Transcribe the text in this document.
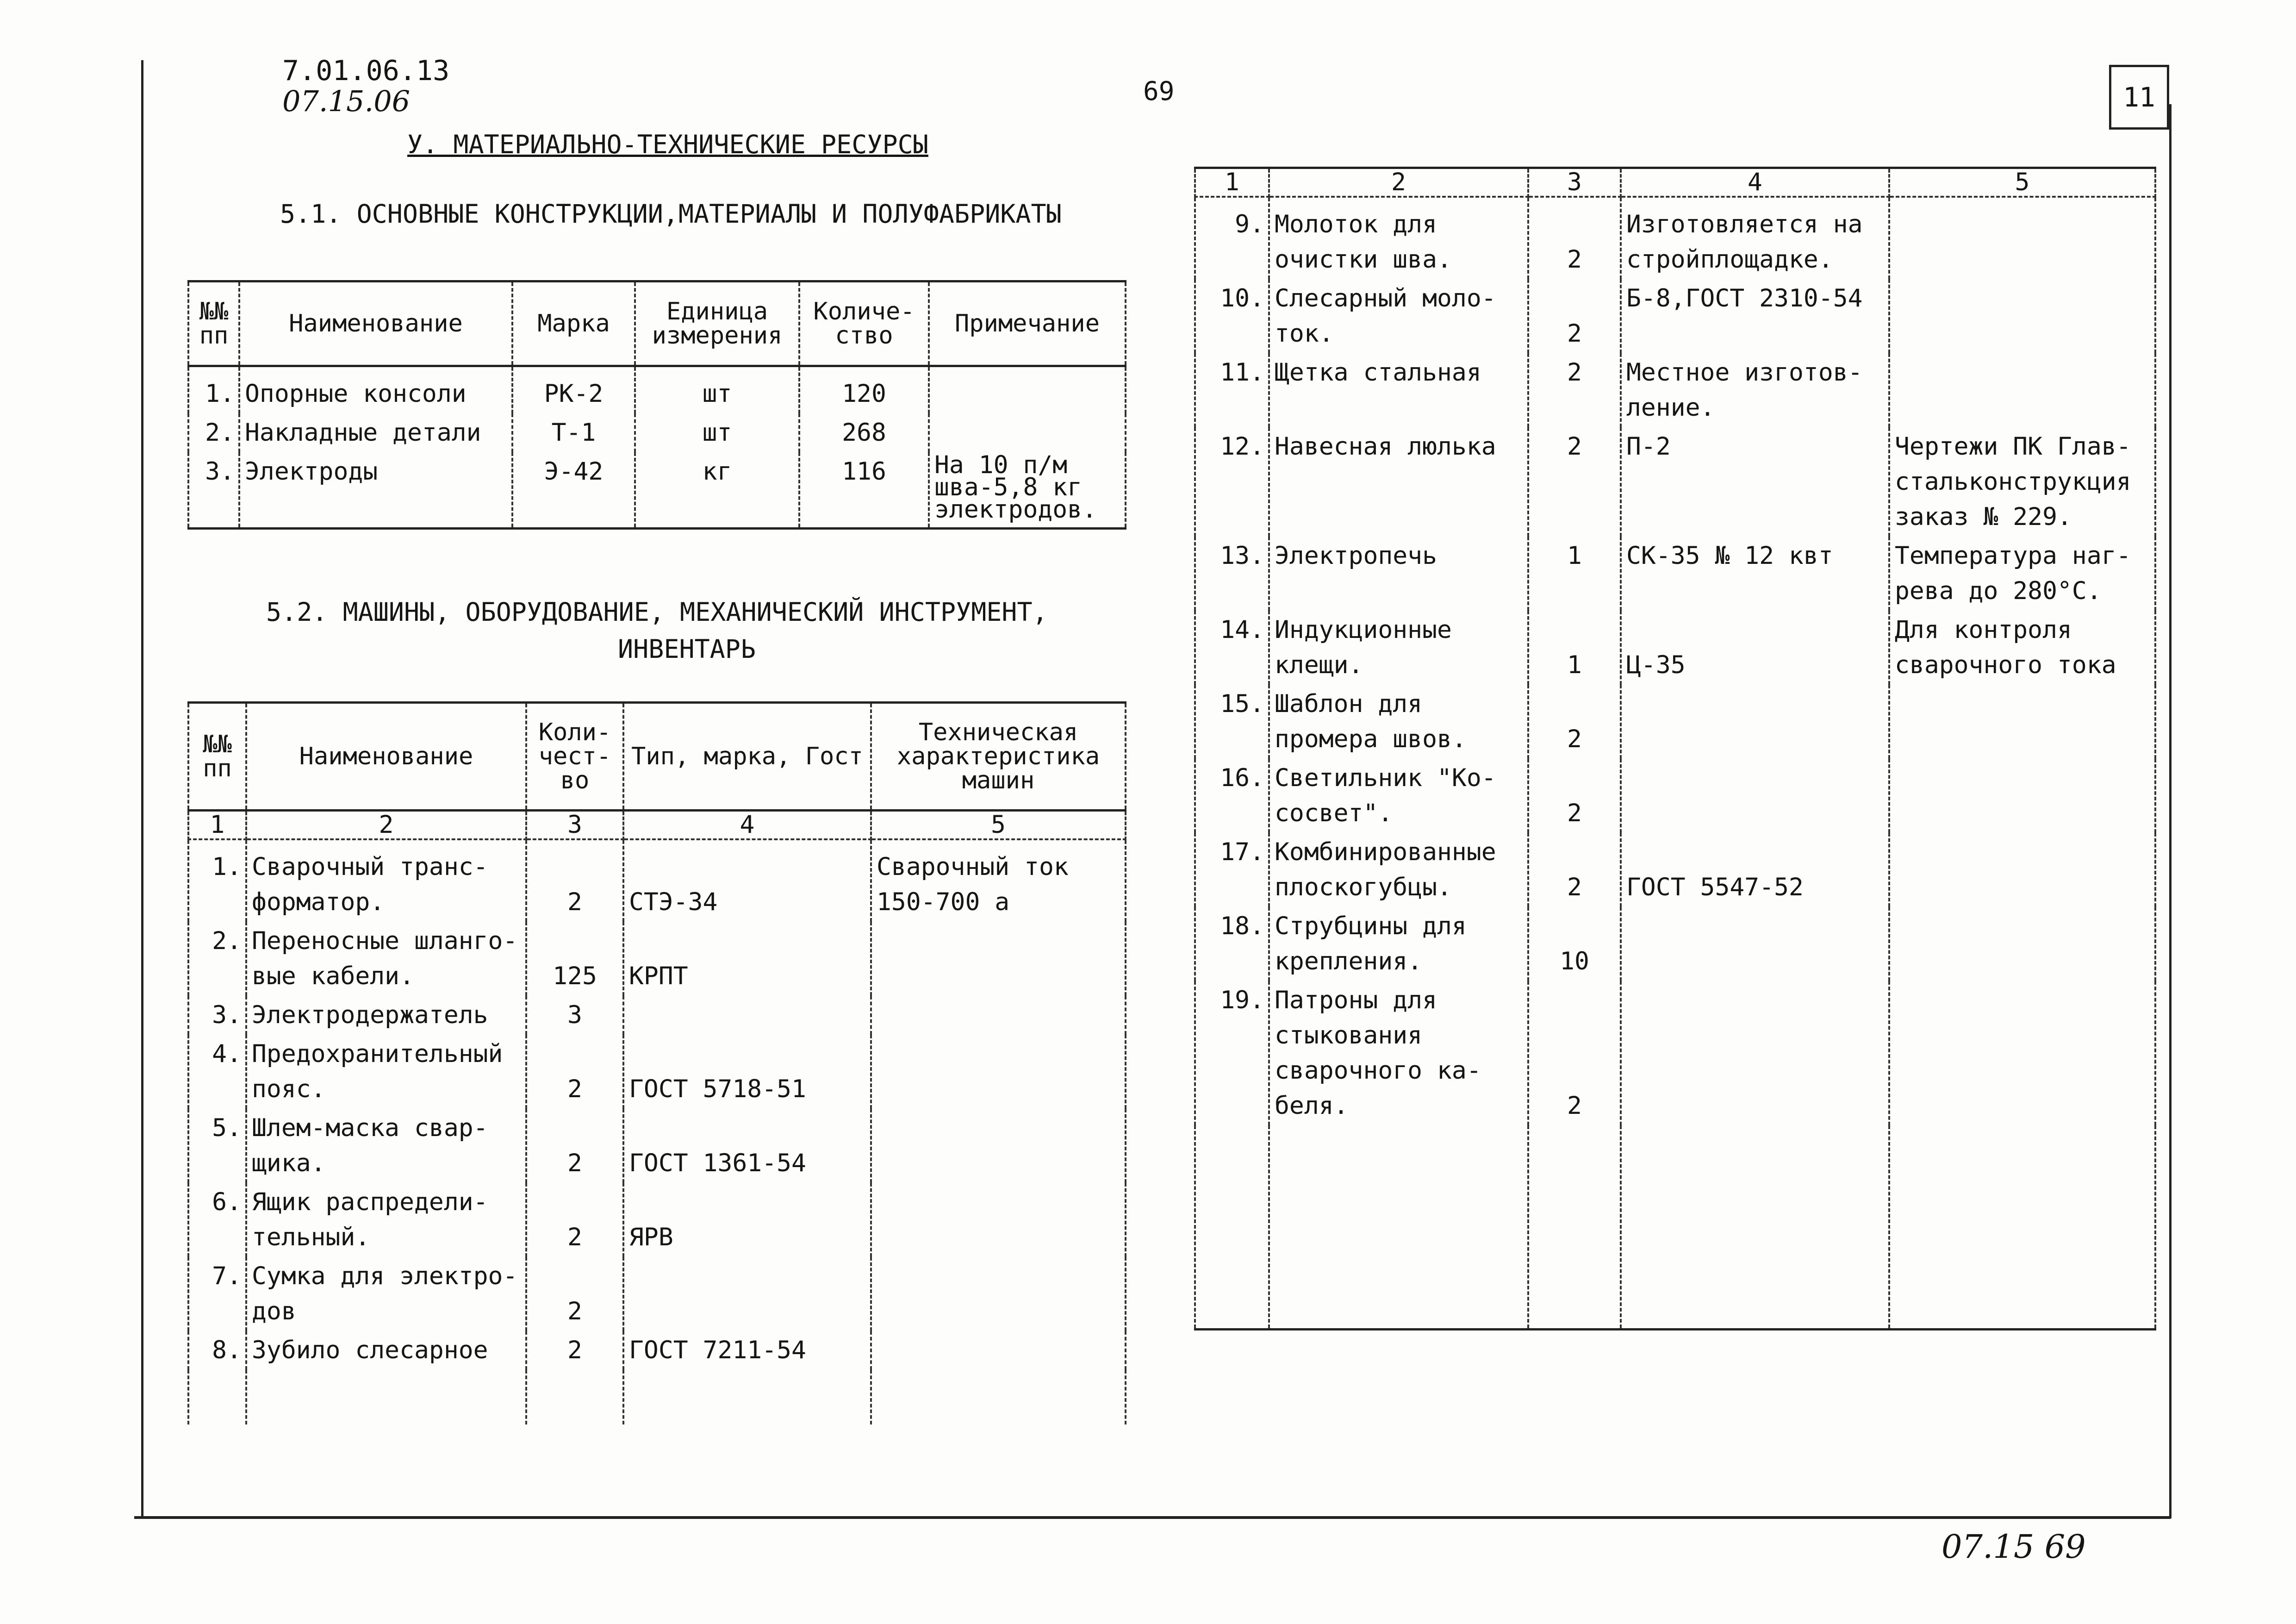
11
7.01.06.13
07.15.06	69
07.15 69
У. МАТЕРИАЛЬНО-ТЕХНИЧЕСКИЕ РЕСУРСЫ
5.1. ОСНОВНЫЕ КОНСТРУКЦИИ,МАТЕРИАЛЫ И ПОЛУФАБРИКАТЫ
5.2. МАШИНЫ, ОБОРУДОВАНИЕ, МЕХАНИЧЕСКИЙ ИНСТРУМЕНТ,
ИНВЕНТАРЬ
№№ пп	Наименование	Марка	Единица измерения	Количе- ство	Примечание
1.	Опорные консоли	РК-2	шт	120	
2.	Накладные детали	Т-1	шт	268	
3.	Электроды	Э-42	кг	116	На 10 п/м шва-5,8 кг электродов.
№№ пп	Наименование	Коли- чест- во	Тип, марка, Гост	Техническая характеристика машин
1	2	3	4	5
1.	Сварочный транс- форматор.	2	СТЭ-34	Сварочный ток 150-700 а
2.	Переносные шланго- вые кабели.	125	КРПТ	
3.	Электродержатель	3		
4.	Предохранительный пояс.	2	ГОСТ 5718-51	
5.	Шлем-маска свар- щика.	2	ГОСТ 1361-54	
6.	Ящик распредели- тельный.	2	ЯРВ	
7.	Сумка для электро- дов	2		
8.	Зубило слесарное	2	ГОСТ 7211-54	

1	2	3	4	5
9.	Молоток для очистки шва.	2	Изготовляется на стройплощадке.	
10.	Слесарный моло- ток.	2	Б-8,ГОСТ 2310-54	
11.	Щетка стальная	2	Местное изготов- ление.	
12.	Навесная люлька	2	П-2	Чертежи ПК Глав- стальконструкция заказ № 229.
13.	Электропечь	1	СК-35 № 12 квт	Температура наг- рева до 280°С.
14.	Индукционные клещи.	1	Ц-35	Для контроля сварочного тока
15.	Шаблон для промера швов.	2		
16.	Светильник "Ко- сосвет".	2		
17.	Комбинированные плоскогубцы.	2	ГОСТ 5547-52	
18.	Струбцины для крепления.	10		
19.	Патроны для стыкования сварочного ка- беля.	2		
